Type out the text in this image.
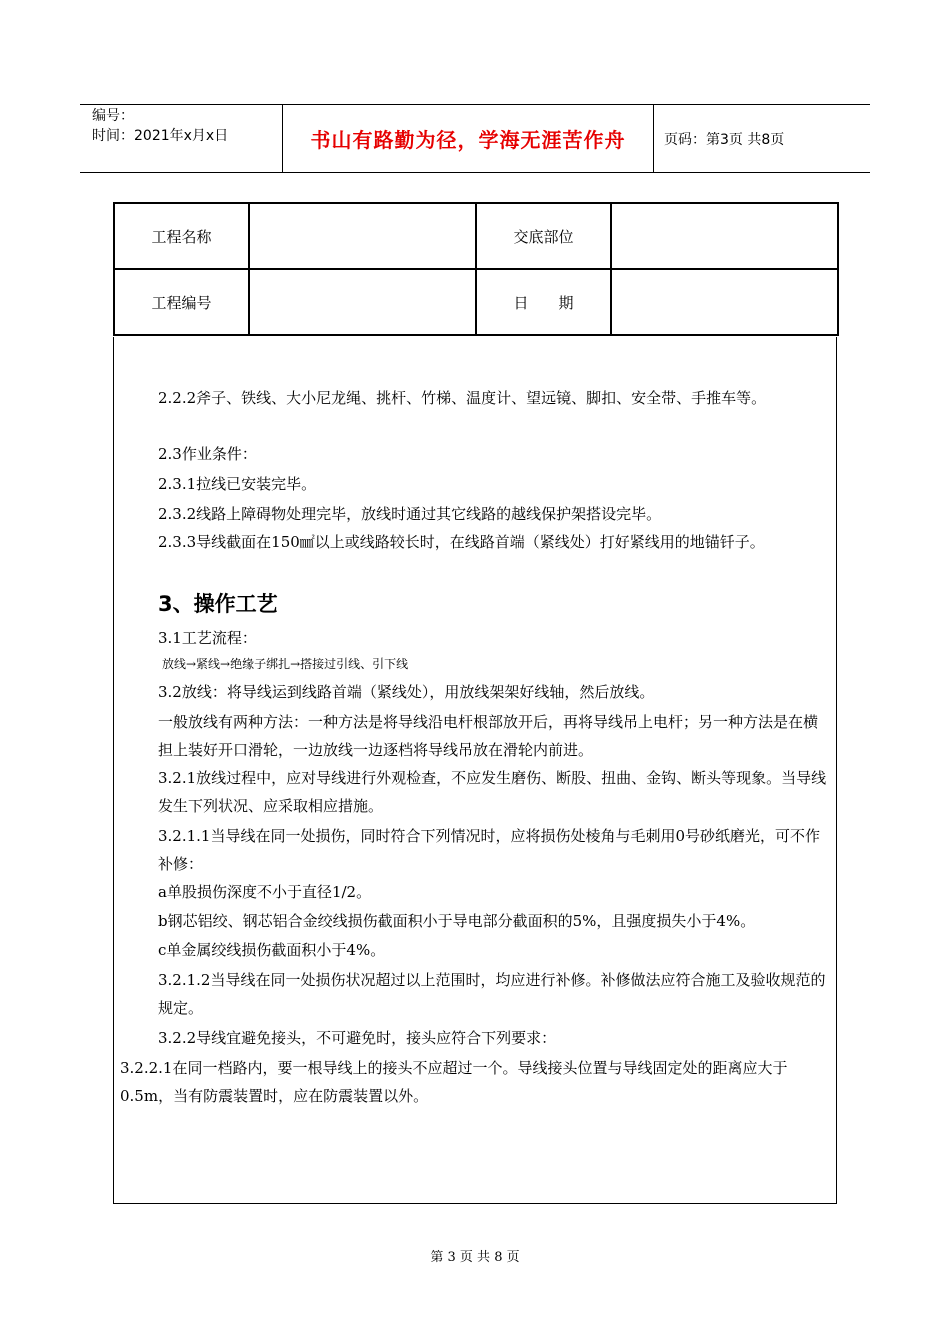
编号：
时间：2021年x月x日	书山有路勤为径，学海无涯苦作舟	页码：第3页 共8页
工程名称		交底部位	
工程编号		日　　期	

2.2.2斧子、铁线、大小尼龙绳、挑杆、竹梯、温度计、望远镜、脚扣、安全带、手推车等。

2.3作业条件：

2.3.1拉线已安装完毕。

2.3.2线路上障碍物处理完毕，放线时通过其它线路的越线保护架搭设完毕。

2.3.3导线截面在150㎟以上或线路较长时，在线路首端（紧线处）打好紧线用的地锚钎子。

3、操作工艺

3.1工艺流程：

放线→紧线→绝缘子绑扎→搭接过引线、引下线

3.2放线：将导线运到线路首端（紧线处），用放线架架好线轴，然后放线。

一般放线有两种方法：一种方法是将导线沿电杆根部放开后，再将导线吊上电杆；另一种方法是在横担上装好开口滑轮，一边放线一边逐档将导线吊放在滑轮内前进。

3.2.1放线过程中，应对导线进行外观检查，不应发生磨伤、断股、扭曲、金钩、断头等现象。当导线发生下列状况、应采取相应措施。

3.2.1.1当导线在同一处损伤，同时符合下列情况时，应将损伤处棱角与毛刺用0号砂纸磨光，可不作补修：

a单股损伤深度不小于直径1/2。

b钢芯铝绞、钢芯铝合金绞线损伤截面积小于导电部分截面积的5%，且强度损失小于4%。

c单金属绞线损伤截面积小于4%。

3.2.1.2当导线在同一处损伤状况超过以上范围时，均应进行补修。补修做法应符合施工及验收规范的规定。

3.2.2导线宜避免接头，不可避免时，接头应符合下列要求：

3.2.2.1在同一档路内，要一根导线上的接头不应超过一个。导线接头位置与导线固定处的距离应大于0.5m，当有防震装置时，应在防震装置以外。

第 3 页 共 8 页
